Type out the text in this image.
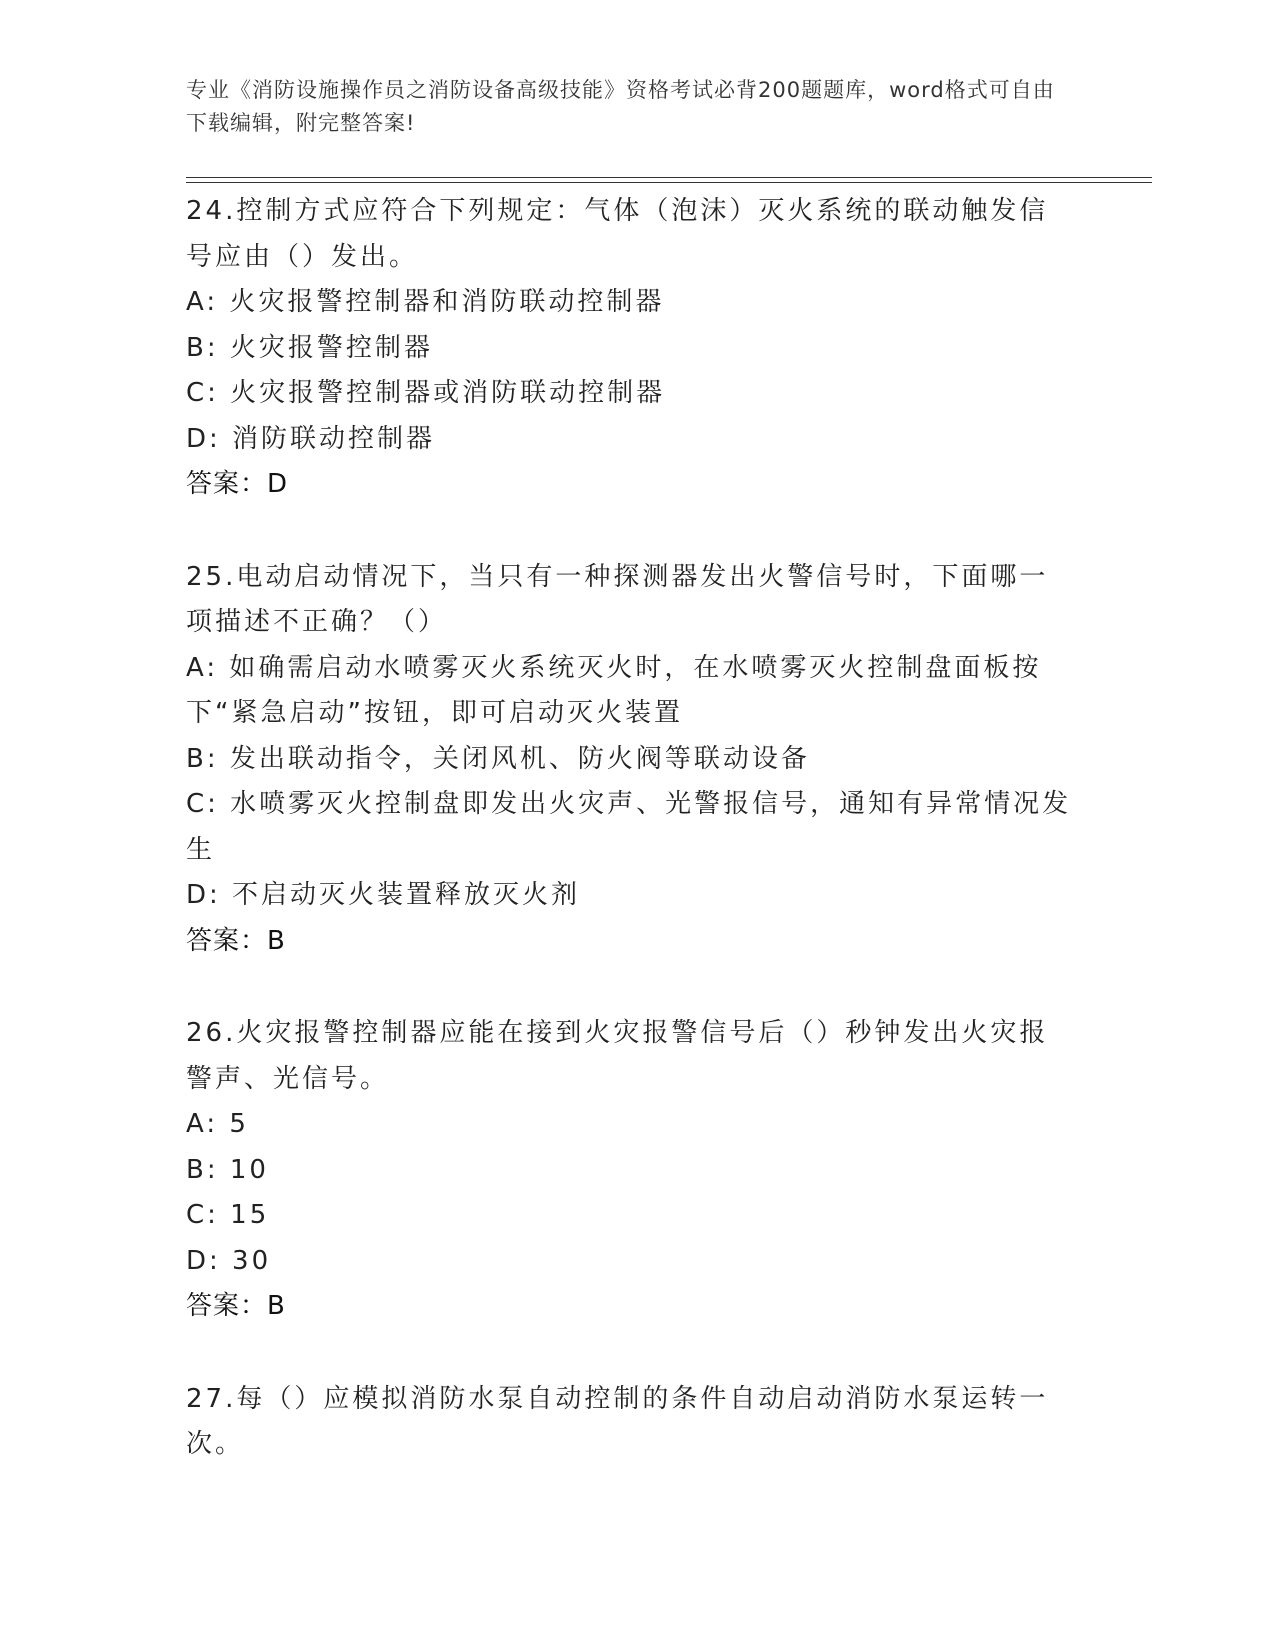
专业《消防设施操作员之消防设备高级技能》资格考试必背200题题库，word格式可自由下载编辑，附完整答案!

24.控制方式应符合下列规定：气体（泡沫）灭火系统的联动触发信号应由（）发出。

A: 火灾报警控制器和消防联动控制器

B: 火灾报警控制器

C: 火灾报警控制器或消防联动控制器

D: 消防联动控制器

答案：D

25.电动启动情况下，当只有一种探测器发出火警信号时，下面哪一项描述不正确？（）

A: 如确需启动水喷雾灭火系统灭火时，在水喷雾灭火控制盘面板按下“紧急启动”按钮，即可启动灭火装置

B: 发出联动指令，关闭风机、防火阀等联动设备

C: 水喷雾灭火控制盘即发出火灾声、光警报信号，通知有异常情况发生

D: 不启动灭火装置释放灭火剂

答案：B

26.火灾报警控制器应能在接到火灾报警信号后（）秒钟发出火灾报警声、光信号。

A: 5

B: 10

C: 15

D: 30

答案：B

27.每（）应模拟消防水泵自动控制的条件自动启动消防水泵运转一次。
